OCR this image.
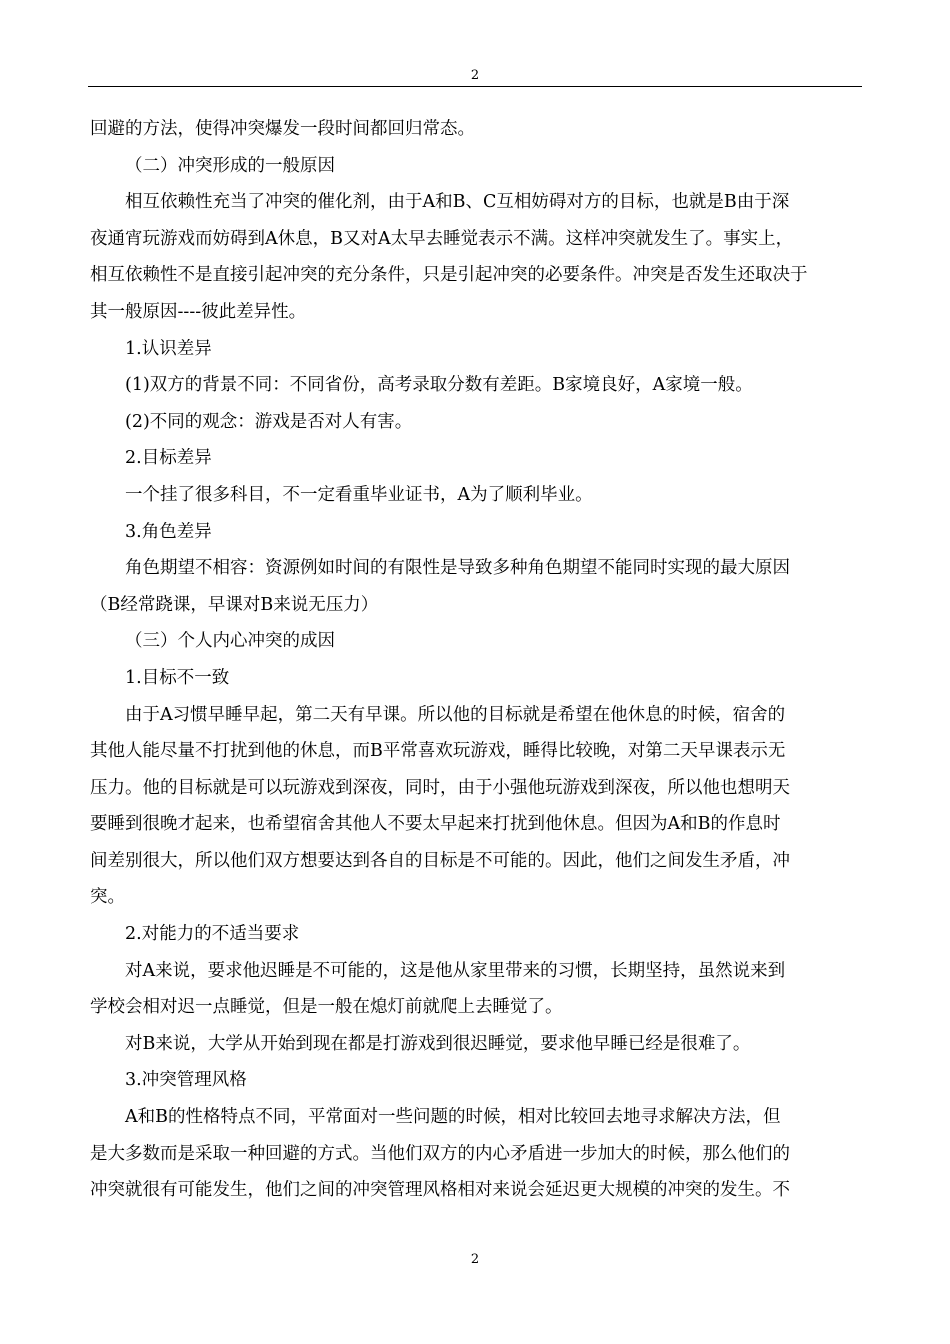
2

回避的方法，使得冲突爆发一段时间都回归常态。

（二）冲突形成的一般原因

相互依赖性充当了冲突的催化剂，由于A和B、C互相妨碍对方的目标，也就是B由于深

夜通宵玩游戏而妨碍到A休息，B又对A太早去睡觉表示不满。这样冲突就发生了。事实上，

相互依赖性不是直接引起冲突的充分条件，只是引起冲突的必要条件。冲突是否发生还取决于

其一般原因----彼此差异性。

1.认识差异

(1)双方的背景不同：不同省份，高考录取分数有差距。B家境良好，A家境一般。

(2)不同的观念：游戏是否对人有害。

2.目标差异

一个挂了很多科目，不一定看重毕业证书，A为了顺利毕业。

3.角色差异

角色期望不相容：资源例如时间的有限性是导致多种角色期望不能同时实现的最大原因

（B经常跷课，早课对B来说无压力）

（三）个人内心冲突的成因

1.目标不一致

由于A习惯早睡早起，第二天有早课。所以他的目标就是希望在他休息的时候，宿舍的

其他人能尽量不打扰到他的休息，而B平常喜欢玩游戏，睡得比较晚，对第二天早课表示无

压力。他的目标就是可以玩游戏到深夜，同时，由于小强他玩游戏到深夜，所以他也想明天

要睡到很晚才起来，也希望宿舍其他人不要太早起来打扰到他休息。但因为A和B的作息时

间差别很大，所以他们双方想要达到各自的目标是不可能的。因此，他们之间发生矛盾，冲

突。

2.对能力的不适当要求

对A来说，要求他迟睡是不可能的，这是他从家里带来的习惯，长期坚持，虽然说来到

学校会相对迟一点睡觉，但是一般在熄灯前就爬上去睡觉了。

对B来说，大学从开始到现在都是打游戏到很迟睡觉，要求他早睡已经是很难了。

3.冲突管理风格

A和B的性格特点不同，平常面对一些问题的时候，相对比较回去地寻求解决方法，但

是大多数而是采取一种回避的方式。当他们双方的内心矛盾进一步加大的时候，那么他们的

冲突就很有可能发生，他们之间的冲突管理风格相对来说会延迟更大规模的冲突的发生。不

2
